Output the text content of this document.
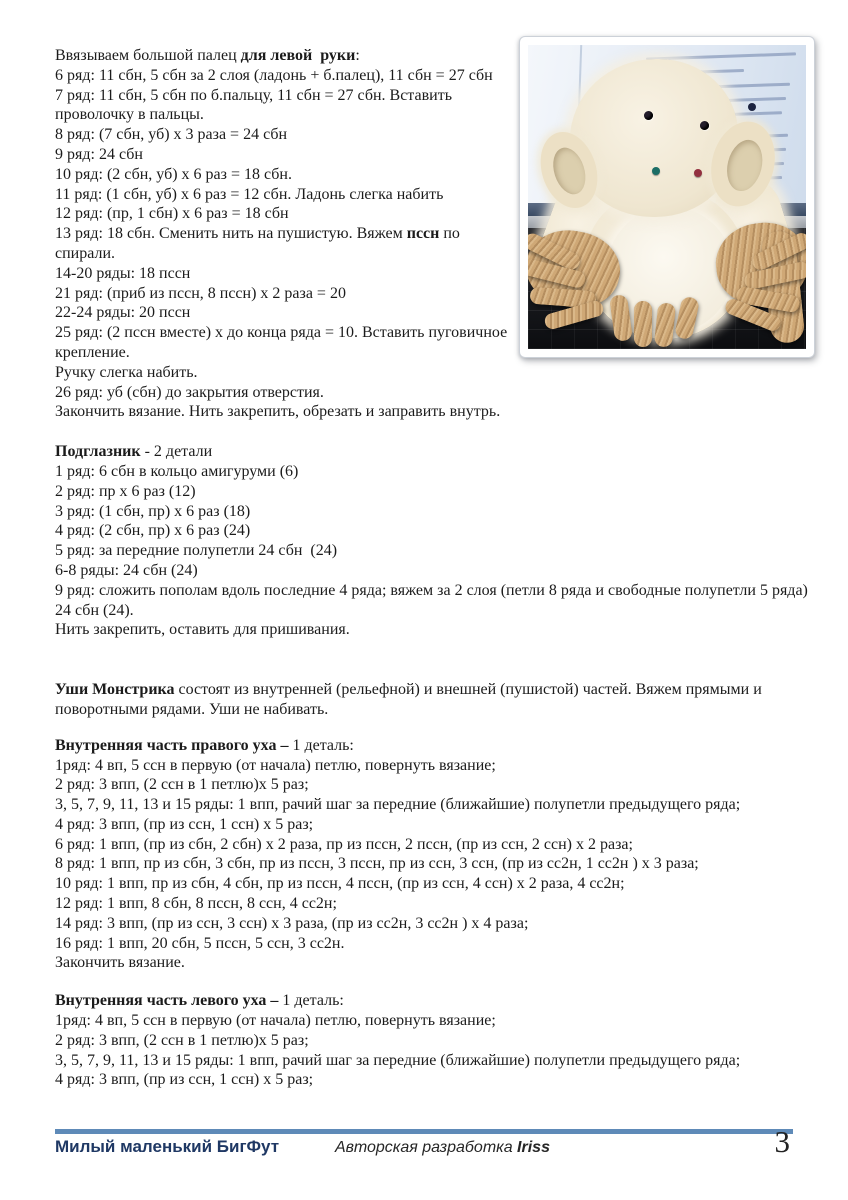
Ввязываем большой палец для левой  руки:
6 ряд: 11 сбн, 5 сбн за 2 слоя (ладонь + б.палец), 11 сбн = 27 сбн
7 ряд: 11 сбн, 5 сбн по б.пальцу, 11 сбн = 27 сбн. Вставить проволочку в пальцы.
8 ряд: (7 сбн, уб) х 3 раза = 24 сбн
9 ряд: 24 сбн
10 ряд: (2 сбн, уб) х 6 раз = 18 сбн.
11 ряд: (1 сбн, уб) х 6 раз = 12 сбн. Ладонь слегка набить
12 ряд: (пр, 1 сбн) х 6 раз = 18 сбн
13 ряд: 18 сбн. Сменить нить на пушистую. Вяжем пссн по спирали.
14-20 ряды: 18 пссн
21 ряд: (приб из пссн, 8 пссн) х 2 раза = 20
22-24 ряды: 20 пссн
25 ряд: (2 пссн вместе) х до конца ряда = 10. Вставить пуговичное крепление.
Ручку слегка набить.
26 ряд: уб (сбн) до закрытия отверстия.
Закончить вязание. Нить закрепить, обрезать и заправить внутрь.
Подглазник - 2 детали
1 ряд: 6 сбн в кольцо амигуруми (6)
2 ряд: пр х 6 раз (12)
3 ряд: (1 сбн, пр) х 6 раз (18)
4 ряд: (2 сбн, пр) х 6 раз (24)
5 ряд: за передние полупетли 24 сбн  (24)
6-8 ряды: 24 сбн (24)
9 ряд: сложить пополам вдоль последние 4 ряда; вяжем за 2 слоя (петли 8 ряда и свободные полупетли 5 ряда) 24 сбн (24).
Нить закрепить, оставить для пришивания.
Уши Монстрика состоят из внутренней (рельефной) и внешней (пушистой) частей. Вяжем прямыми и поворотными рядами. Уши не набивать.
Внутренняя часть правого уха – 1 деталь:
1ряд: 4 вп, 5 ссн в первую (от начала) петлю, повернуть вязание;
2 ряд: 3 впп, (2 ссн в 1 петлю)х 5 раз;
3, 5, 7, 9, 11, 13 и 15 ряды: 1 впп, рачий шаг за передние (ближайшие) полупетли предыдущего ряда;
4 ряд: 3 впп, (пр из ссн, 1 ссн) х 5 раз;
6 ряд: 1 впп, (пр из сбн, 2 сбн) х 2 раза, пр из пссн, 2 пссн, (пр из ссн, 2 ссн) х 2 раза;
8 ряд: 1 впп, пр из сбн, 3 сбн, пр из пссн, 3 пссн, пр из ссн, 3 ссн, (пр из сс2н, 1 сс2н ) х 3 раза;
10 ряд: 1 впп, пр из сбн, 4 сбн, пр из пссн, 4 пссн, (пр из ссн, 4 ссн) х 2 раза, 4 сс2н;
12 ряд: 1 впп, 8 сбн, 8 пссн, 8 ссн, 4 сс2н;
14 ряд: 3 впп, (пр из ссн, 3 ссн) х 3 раза, (пр из сс2н, 3 сс2н ) х 4 раза;
16 ряд: 1 впп, 20 сбн, 5 пссн, 5 ссн, 3 сс2н.
Закончить вязание.
Внутренняя часть левого уха – 1 деталь:
1ряд: 4 вп, 5 ссн в первую (от начала) петлю, повернуть вязание;
2 ряд: 3 впп, (2 ссн в 1 петлю)х 5 раз;
3, 5, 7, 9, 11, 13 и 15 ряды: 1 впп, рачий шаг за передние (ближайшие) полупетли предыдущего ряда;
4 ряд: 3 впп, (пр из ссн, 1 ссн) х 5 раз;
Милый маленький БигФут	Авторская разработка Iriss	3
